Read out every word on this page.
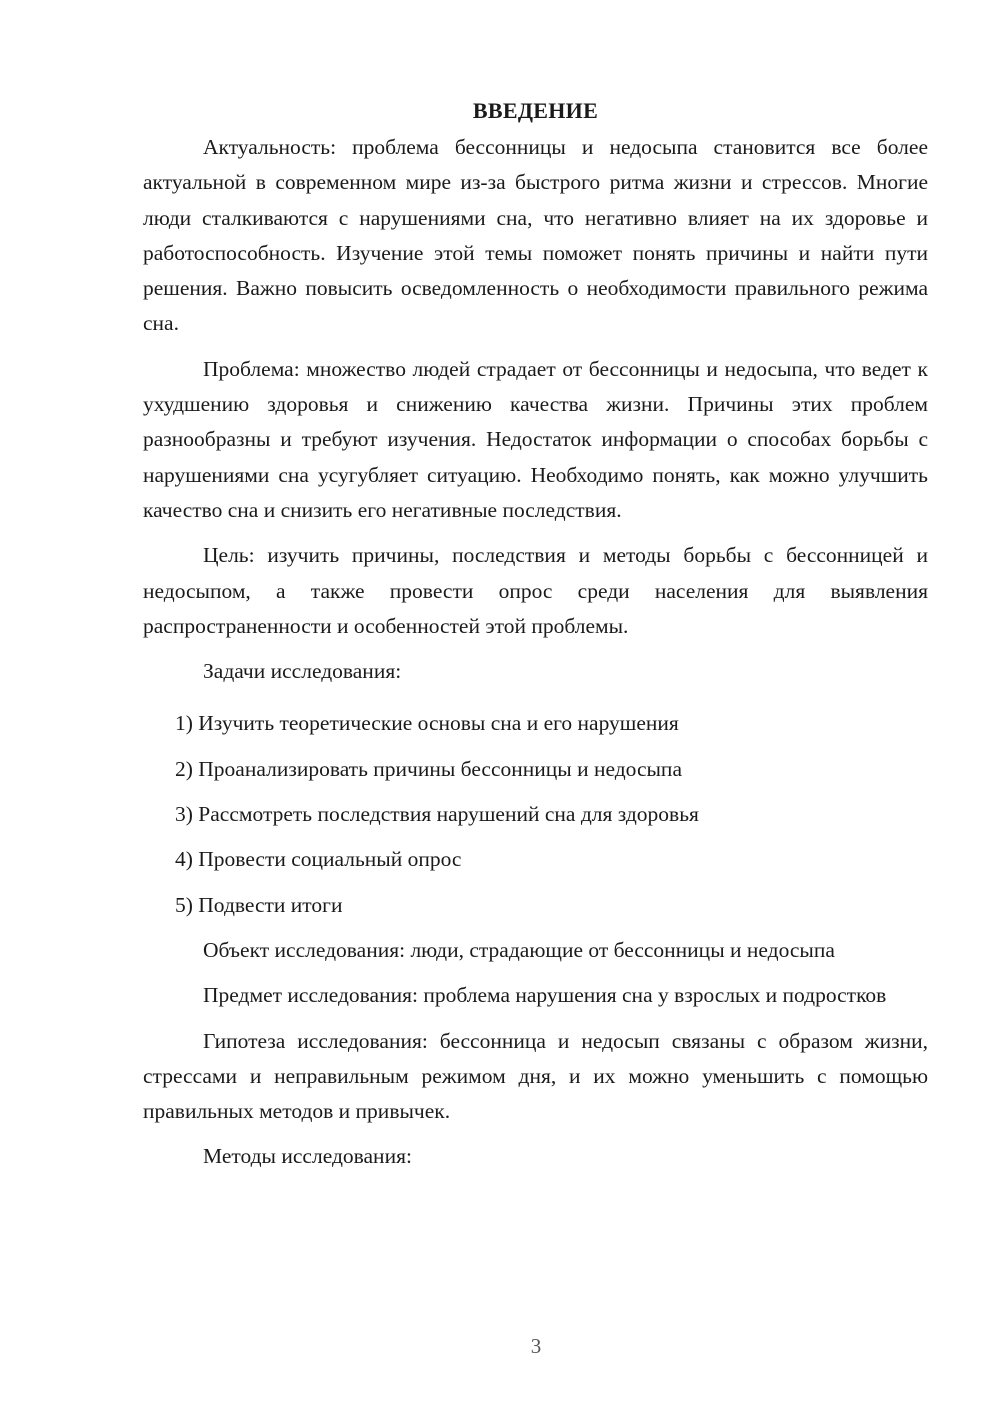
ВВЕДЕНИЕ

Актуальность: проблема бессонницы и недосыпа становится все более актуальной в современном мире из-за быстрого ритма жизни и стрессов. Многие люди сталкиваются с нарушениями сна, что негативно влияет на их здоровье и работоспособность. Изучение этой темы поможет понять причины и найти пути решения. Важно повысить осведомленность о необходимости правильного режима сна.

Проблема: множество людей страдает от бессонницы и недосыпа, что ведет к ухудшению здоровья и снижению качества жизни. Причины этих проблем разнообразны и требуют изучения. Недостаток информации о способах борьбы с нарушениями сна усугубляет ситуацию. Необходимо понять, как можно улучшить качество сна и снизить его негативные последствия.

Цель: изучить причины, последствия и методы борьбы с бессонницей и недосыпом, а также провести опрос среди населения для выявления распространенности и особенностей этой проблемы.

Задачи исследования:

1) Изучить теоретические основы сна и его нарушения
2) Проанализировать причины бессонницы и недосыпа
3) Рассмотреть последствия нарушений сна для здоровья
4) Провести социальный опрос
5) Подвести итоги

Объект исследования: люди, страдающие от бессонницы и недосыпа

Предмет исследования: проблема нарушения сна у взрослых и подростков

Гипотеза исследования: бессонница и недосып связаны с образом жизни, стрессами и неправильным режимом дня, и их можно уменьшить с помощью правильных методов и привычек.

Методы исследования:

3
